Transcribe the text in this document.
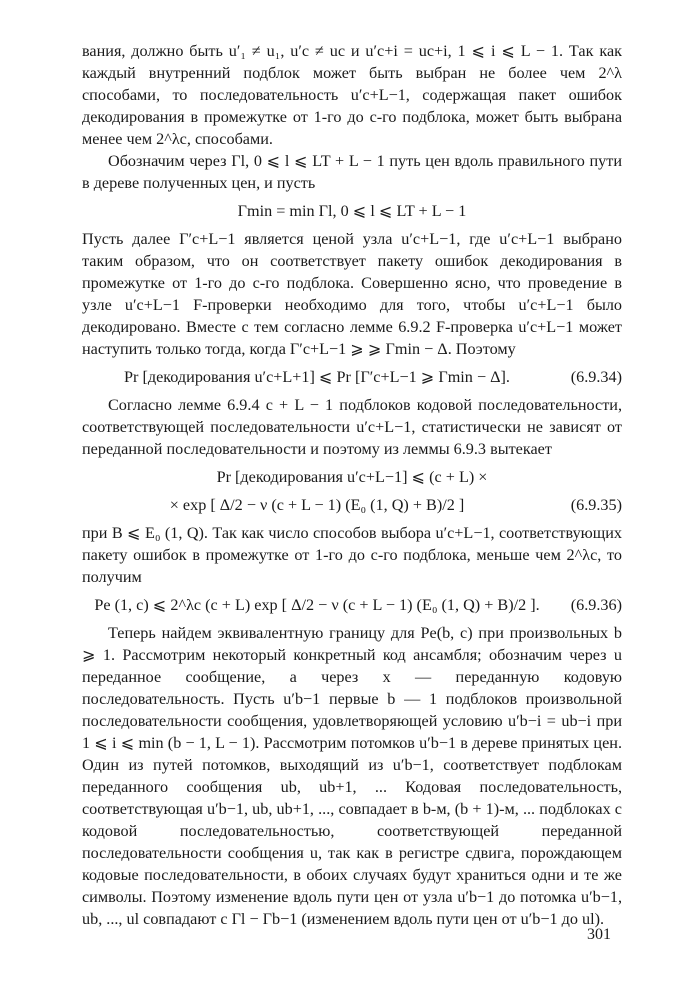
вания, должно быть u′₁ ≠ u₁, u′c ≠ uc и u′c+i = uc+i, 1 ⩽ i ⩽ L − 1. Так как каждый внутренний подблок может быть выбран не более чем 2^λ способами, то последовательность u′c+L−1, содержащая пакет ошибок декодирования в промежутке от 1-го до c-го подблока, может быть выбрана менее чем 2^λc, способами.

Обозначим через Γl, 0 ⩽ l ⩽ LT + L − 1 путь цен вдоль правильного пути в дереве полученных цен, и пусть

Γmin = min Γl, 0 ⩽ l ⩽ LT + L − 1

Пусть далее Γ′c+L−1 является ценой узла u′c+L−1, где u′c+L−1 выбрано таким образом, что он соответствует пакету ошибок декодирования в промежутке от 1-го до c-го подблока. Совершенно ясно, что проведение в узле u′c+L−1 F-проверки необходимо для того, чтобы u′c+L−1 было декодировано. Вместе с тем согласно лемме 6.9.2 F-проверка u′c+L−1 может наступить только тогда, когда Γ′c+L−1 ⩾ ⩾ Γmin − Δ. Поэтому

Pr [декодирования u′c+L+1] ⩽ Pr [Γ′c+L−1 ⩾ Γmin − Δ].	(6.9.34)

Согласно лемме 6.9.4 c + L − 1 подблоков кодовой последовательности, соответствующей последовательности u′c+L−1, статистически не зависят от переданной последовательности и поэтому из леммы 6.9.3 вытекает

Pr [декодирования u′c+L−1] ⩽ (c + L) ×
× exp [ Δ/2 − ν (c + L − 1) (E₀ (1, Q) + B)/2 ]	(6.9.35)

при B ⩽ E₀ (1, Q). Так как число способов выбора u′c+L−1, соответствующих пакету ошибок в промежутке от 1-го до c-го подблока, меньше чем 2^λc, то получим

Pe (1, c) ⩽ 2^λc (c + L) exp [ Δ/2 − ν (c + L − 1) (E₀ (1, Q) + B)/2 ]. (6.9.36)

Теперь найдем эквивалентную границу для Pe(b, c) при произвольных b ⩾ 1. Рассмотрим некоторый конкретный код ансамбля; обозначим через u переданное сообщение, а через x — переданную кодовую последовательность. Пусть u′b−1 первые b — 1 подблоков произвольной последовательности сообщения, удовлетворяющей условию u′b−i = ub−i при 1 ⩽ i ⩽ min (b − 1, L − 1). Рассмотрим потомков u′b−1 в дереве принятых цен. Один из путей потомков, выходящий из u′b−1, соответствует подблокам переданного сообщения ub, ub+1, ... Кодовая последовательность, соответствующая u′b−1, ub, ub+1, ..., совпадает в b-м, (b + 1)-м, ... подблоках с кодовой последовательностью, соответствующей переданной последовательности сообщения u, так как в регистре сдвига, порождающем кодовые последовательности, в обоих случаях будут храниться одни и те же символы. Поэтому изменение вдоль пути цен от узла u′b−1 до потомка u′b−1, ub, ..., ul совпадают с Γl − Γb−1 (изменением вдоль пути цен от u′b−1 до ul).

301
